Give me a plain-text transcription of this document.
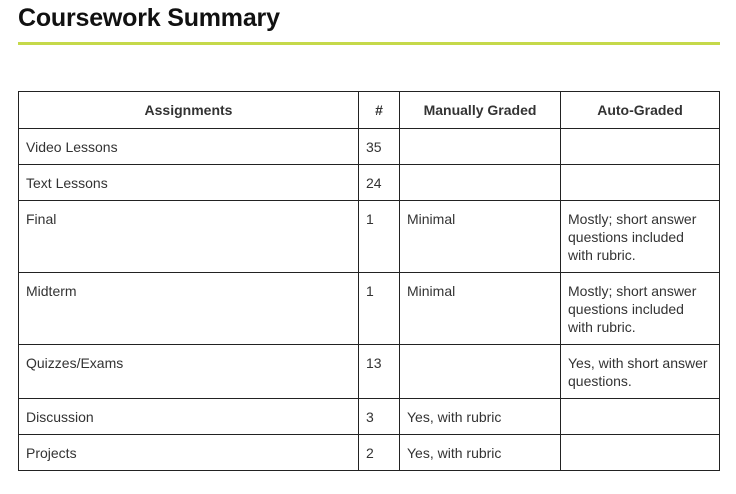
Coursework Summary
Assignments	#	Manually Graded	Auto-Graded
Video Lessons	35		
Text Lessons	24		
Final	1	Minimal	Mostly; short answer questions included with rubric.
Midterm	1	Minimal	Mostly; short answer questions included with rubric.
Quizzes/Exams	13		Yes, with short answer questions.
Discussion	3	Yes, with rubric	
Projects	2	Yes, with rubric	
